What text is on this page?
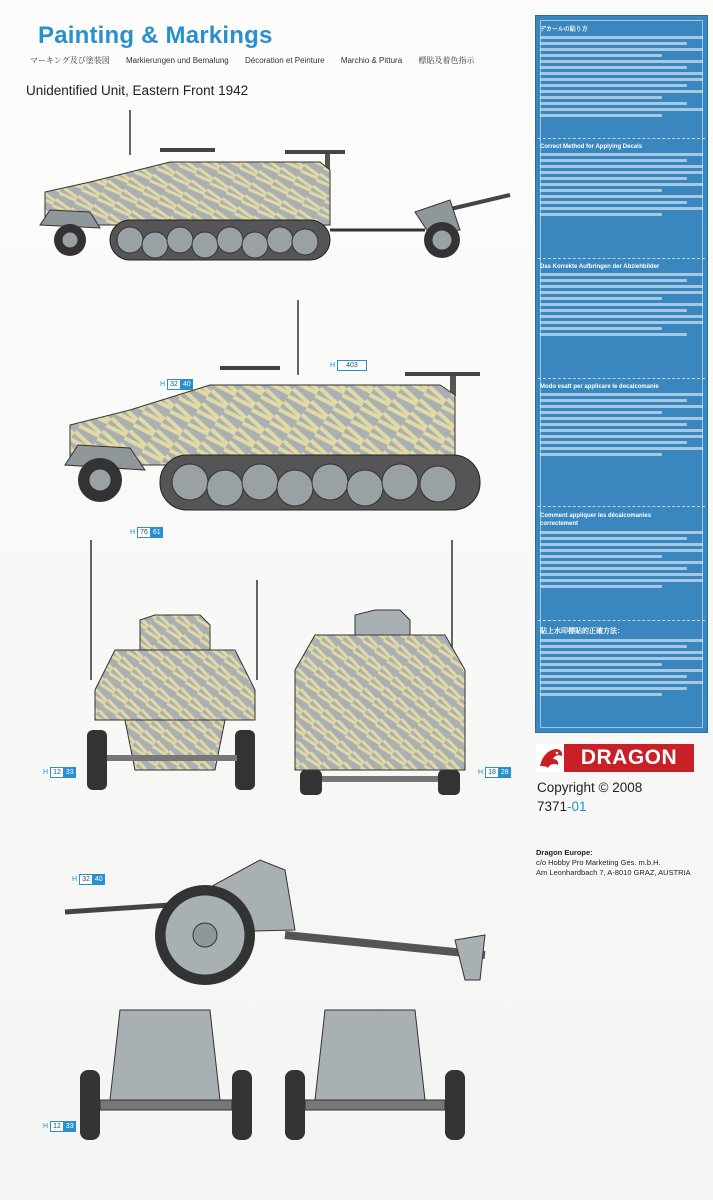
Painting & Markings
マーキング及び塗装図 Markierungen und Bemalung Décoration et Peinture Marchio & Pittura 標貼及着色指示
Unidentified Unit, Eastern Front 1942
デカールの貼り方
Correct Method for Applying Decals
Das Korrekte Aufbringen der Abziehbilder
Modo esatt per applicare le decalcomanie
Comment appliquer les décalcomanies correctement
貼上水印標貼的正確方法：
DRAGON
Copyright © 2008
7371-01
Dragon Europe:
c/o Hobby Pro Marketing Ges. m.b.H.
Am Leonhardbach 7, A-8010 GRAZ, AUSTRIA
H	403
H 32 40
H 76 61
H 12 33	H 18 28
H 32 40
H 12 33
